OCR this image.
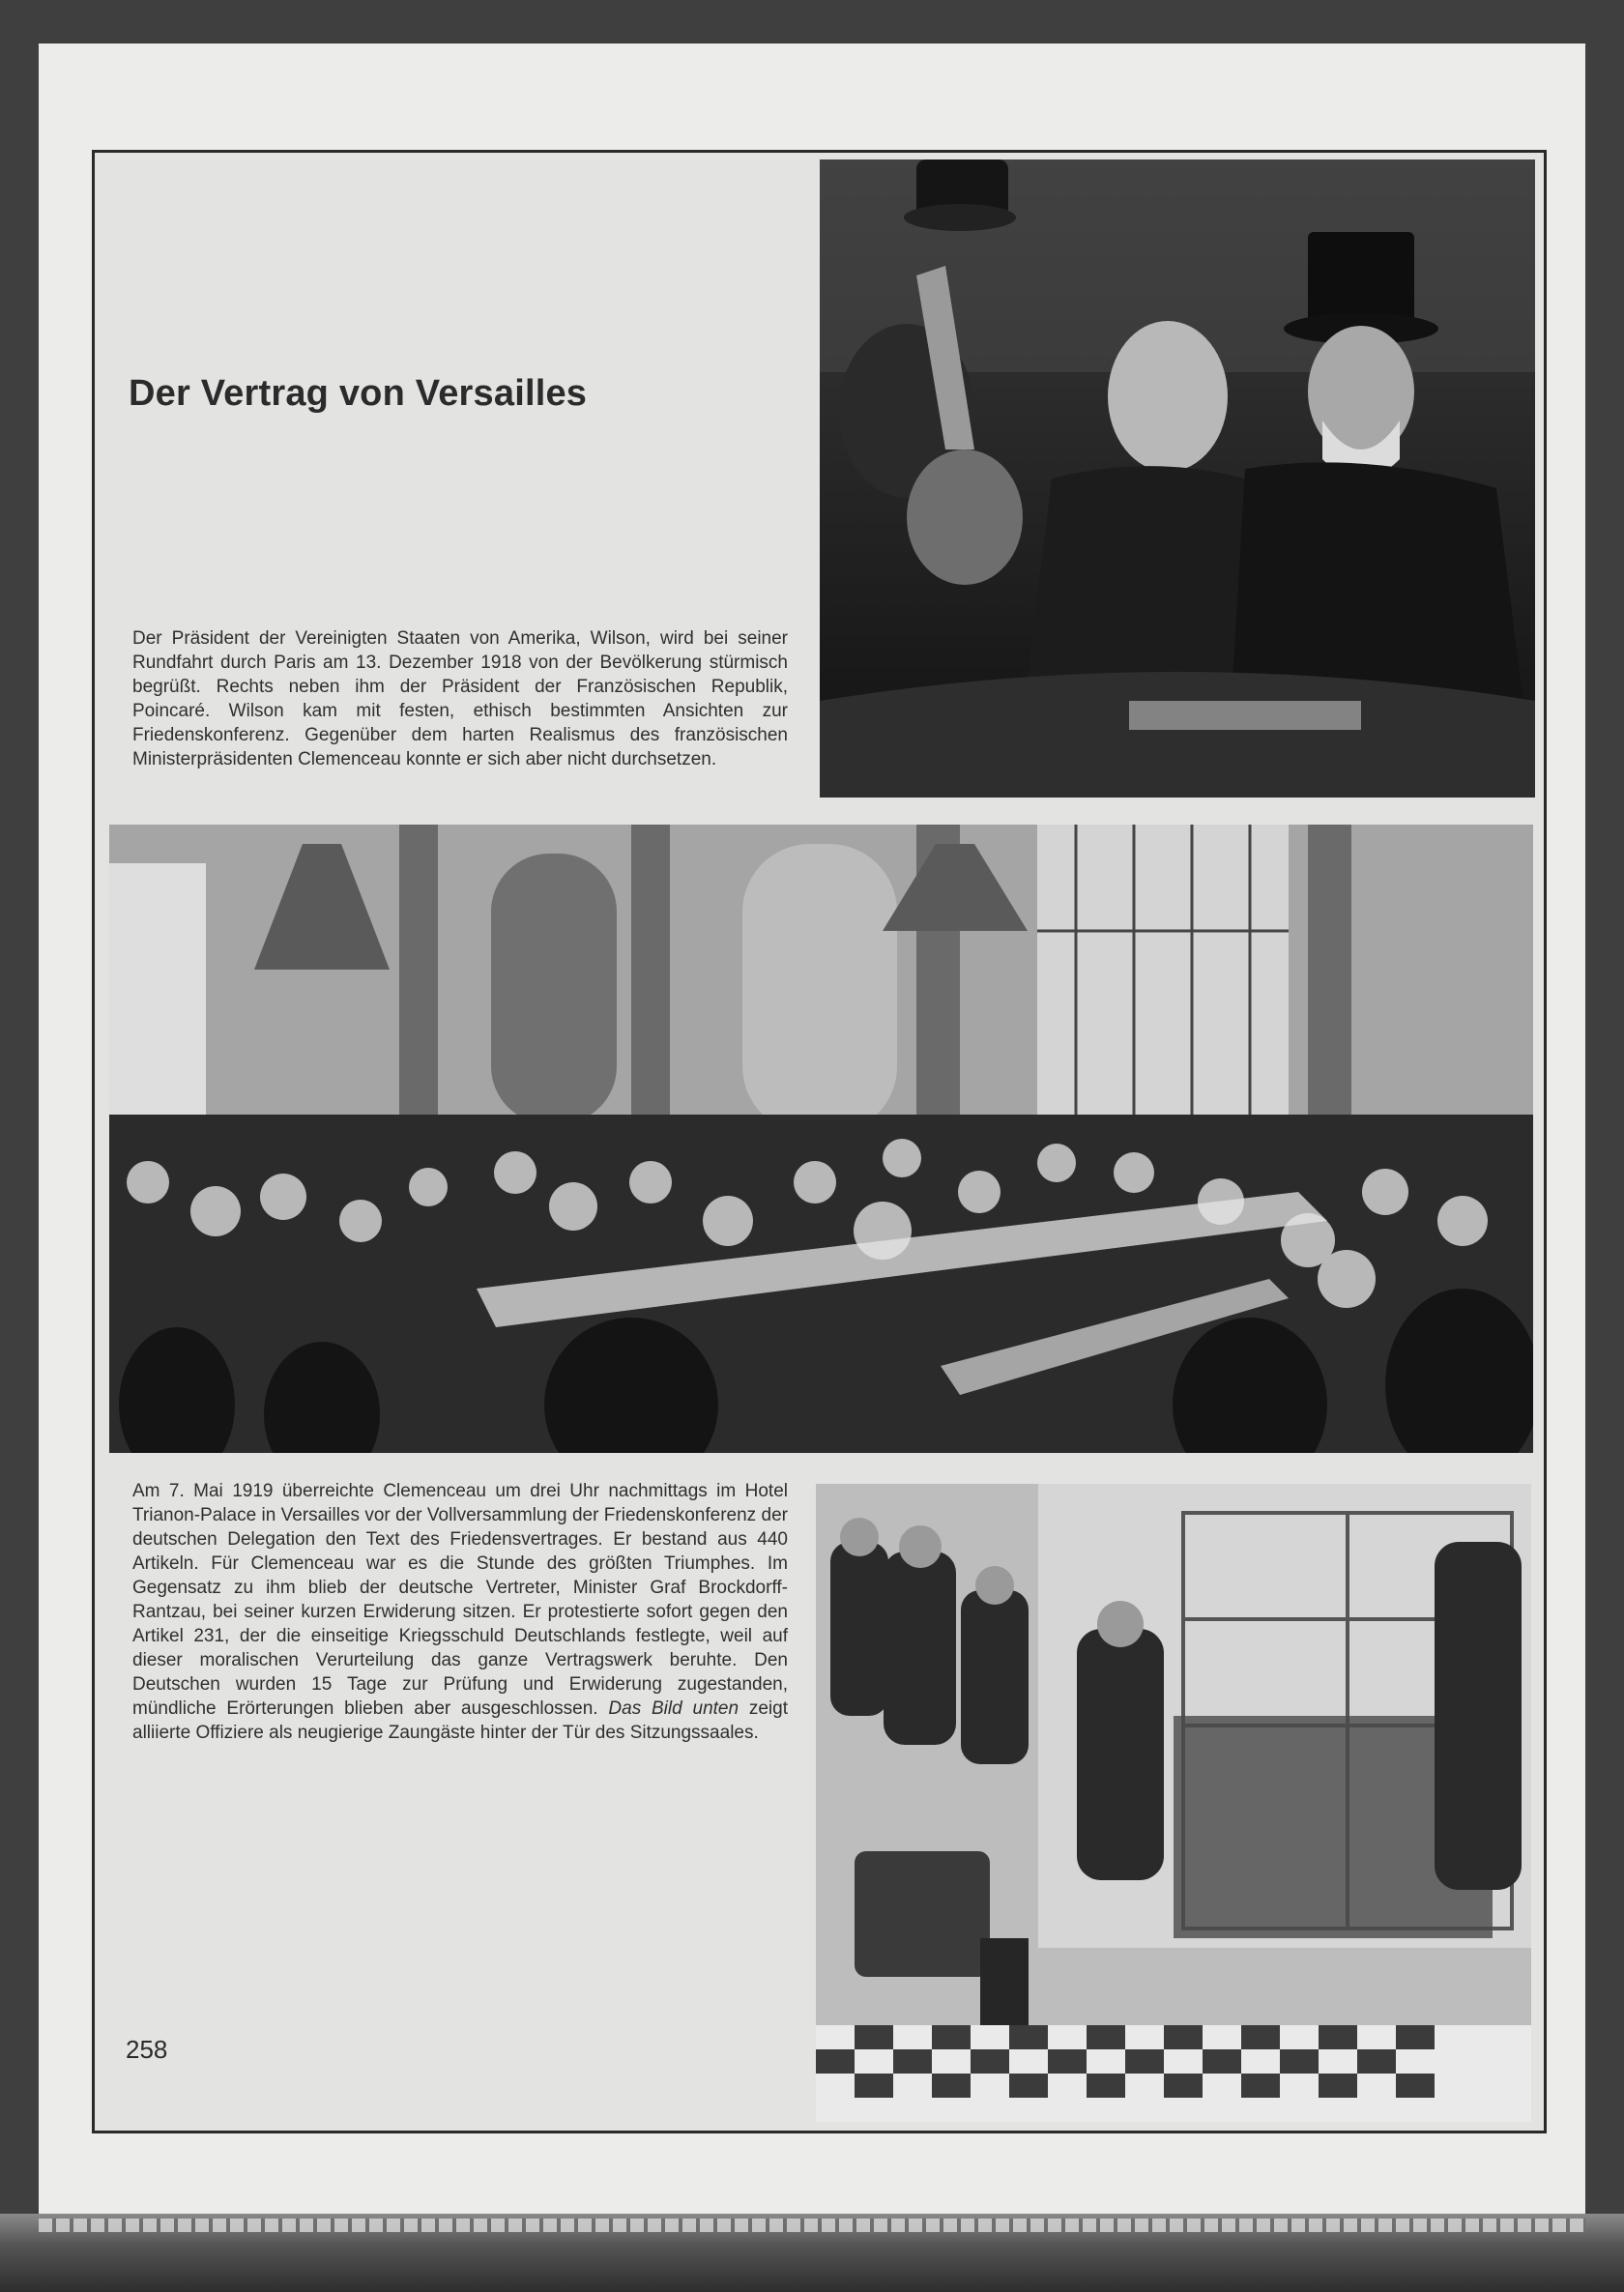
Der Vertrag von Versailles

Der Präsident der Vereinigten Staaten von Amerika, Wilson, wird bei seiner Rundfahrt durch Paris am 13. Dezember 1918 von der Bevölkerung stürmisch begrüßt. Rechts neben ihm der Präsident der Französischen Republik, Poincaré. Wilson kam mit festen, ethisch bestimmten Ansichten zur Friedenskonferenz. Gegenüber dem harten Realismus des französischen Ministerpräsidenten Clemenceau konnte er sich aber nicht durchsetzen.

Am 7. Mai 1919 überreichte Clemenceau um drei Uhr nachmittags im Hotel Trianon-Palace in Versailles vor der Vollversammlung der Friedenskonferenz der deutschen Delegation den Text des Friedensvertrages. Er bestand aus 440 Artikeln. Für Clemenceau war es die Stunde des größten Triumphes. Im Gegensatz zu ihm blieb der deutsche Vertreter, Minister Graf Brockdorff-Rantzau, bei seiner kurzen Erwiderung sitzen. Er protestierte sofort gegen den Artikel 231, der die einseitige Kriegsschuld Deutschlands festlegte, weil auf dieser moralischen Verurteilung das ganze Vertragswerk beruhte. Den Deutschen wurden 15 Tage zur Prüfung und Erwiderung zugestanden, mündliche Erörterungen blieben aber ausgeschlossen. Das Bild unten zeigt alliierte Offiziere als neugierige Zaungäste hinter der Tür des Sitzungssaales.

258
